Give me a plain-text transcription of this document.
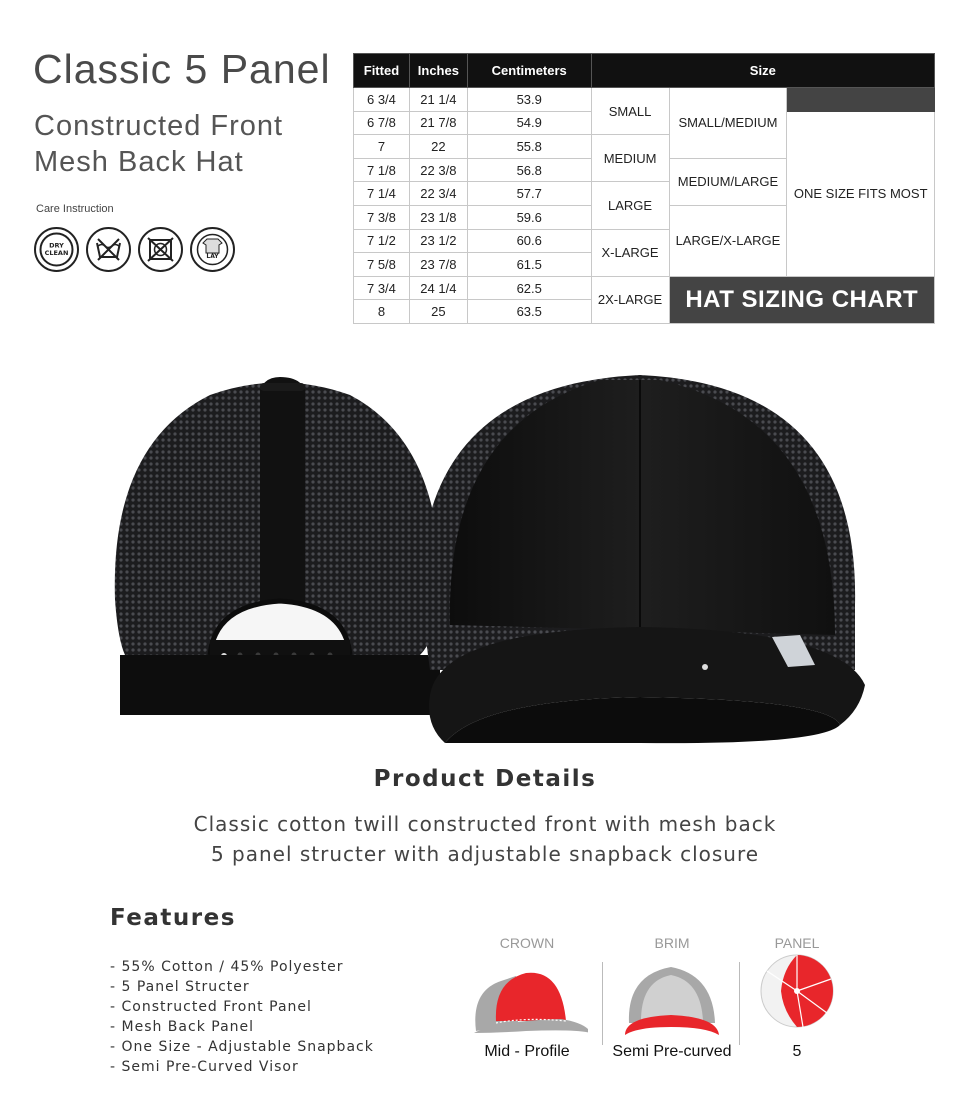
Classic 5 Panel
Constructed Front
Mesh Back Hat
Care Instruction
DRY
CLEAN	LAY
Fitted	Inches	Centimeters	Size		
6 3/4	21 1/4	53.9	SMALL	SMALL/MEDIUM	
6 7/8	21 7/8	54.9			ONE SIZE FITS MOST
7	22	55.8	MEDIUM		
7 1/8	22 3/8	56.8		MEDIUM/LARGE	
7 1/4	22 3/4	57.7	LARGE		
7 3/8	23 1/8	59.6		LARGE/X-LARGE	
7 1/2	23 1/2	60.6	X-LARGE		
7 5/8	23 7/8	61.5			
7 3/4	24 1/4	62.5	2X-LARGE	HAT SIZING CHART	
8	25	63.5			
Product Details
Classic cotton twill constructed front with mesh back
5 panel structer with adjustable snapback closure
Features
- 55% Cotton / 45% Polyester
- 5 Panel Structer
- Constructed Front Panel
- Mesh Back Panel
- One Size - Adjustable Snapback
- Semi Pre-Curved Visor
CROWN
Mid - Profile
BRIM
Semi Pre-curved
PANEL
5
